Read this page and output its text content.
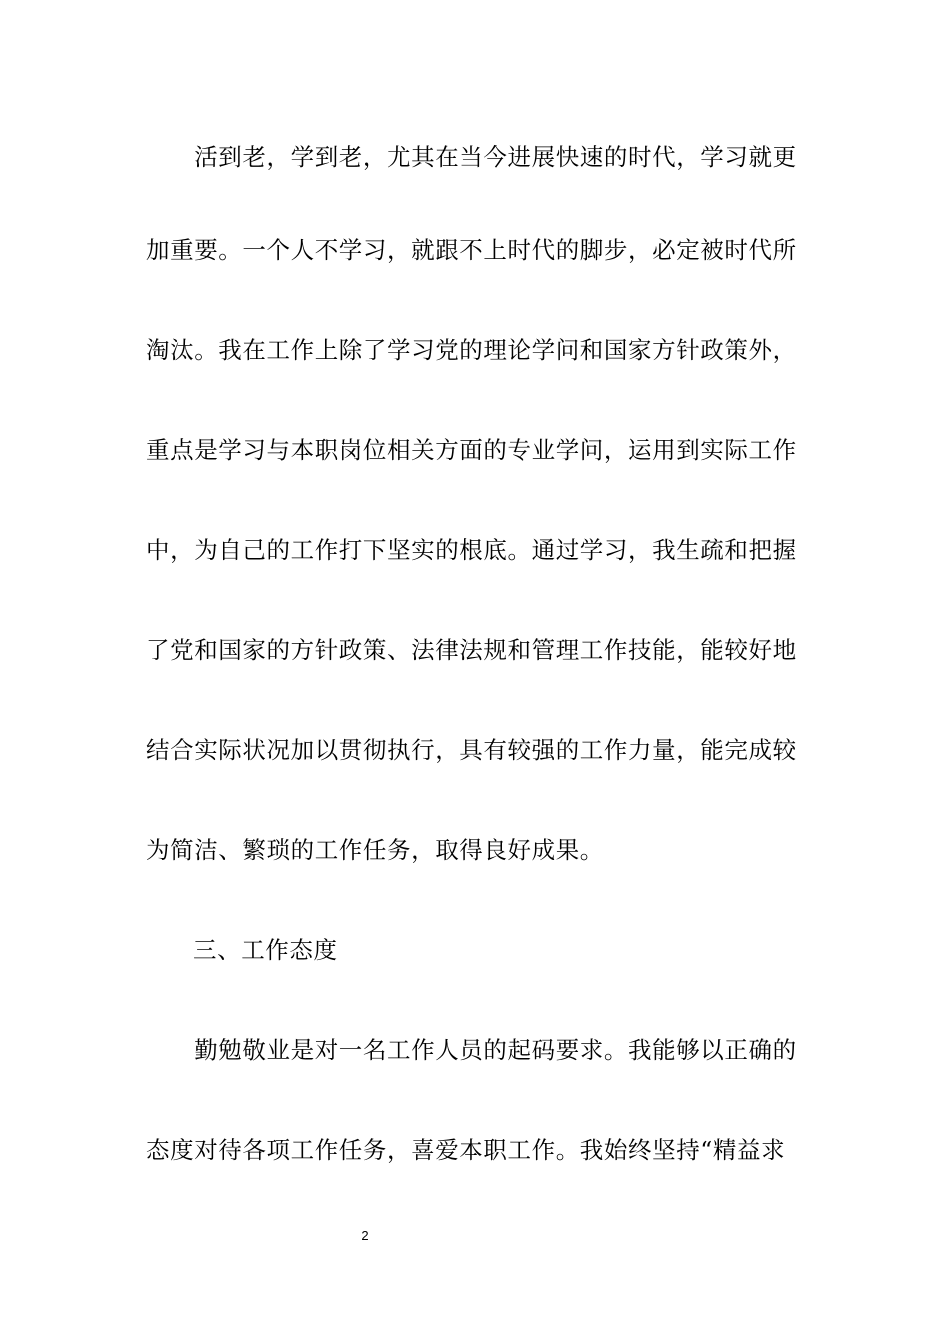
　　活到老，学到老，尤其在当今进展快速的时代，学习就更
加重要。一个人不学习，就跟不上时代的脚步，必定被时代所
淘汰。我在工作上除了学习党的理论学问和国家方针政策外，
重点是学习与本职岗位相关方面的专业学问，运用到实际工作
中，为自己的工作打下坚实的根底。通过学习，我生疏和把握
了党和国家的方针政策、法律法规和管理工作技能，能较好地
结合实际状况加以贯彻执行，具有较强的工作力量，能完成较
为简洁、繁琐的工作任务，取得良好成果。
三、工作态度
　　勤勉敬业是对一名工作人员的起码要求。我能够以正确的
态度对待各项工作任务，喜爱本职工作。我始终坚持“精益求
2
